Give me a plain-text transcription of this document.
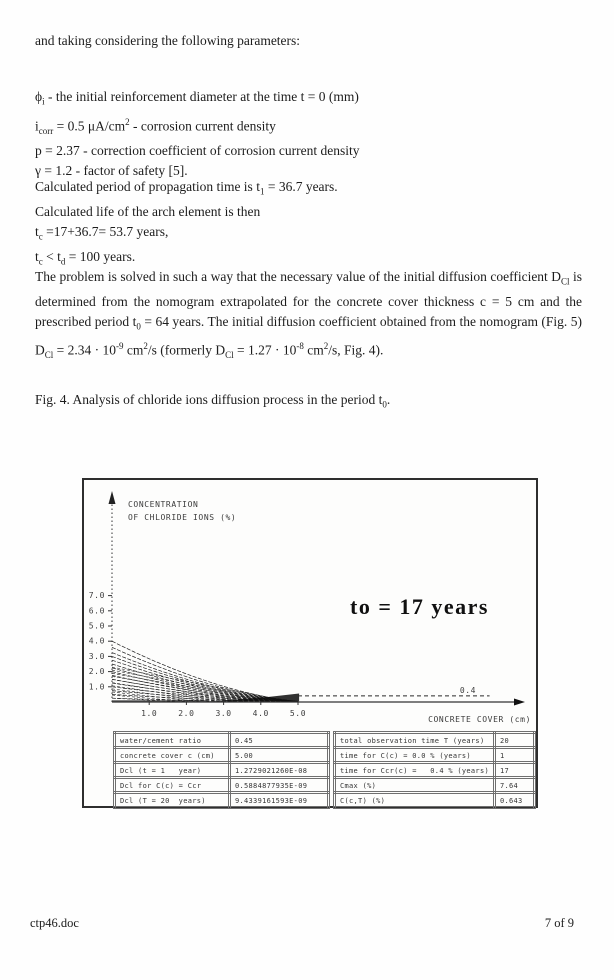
and taking considering the following parameters:
$\phi_i$ - the initial reinforcement diameter at the time t = 0 (mm)
$i_{corr} = 0.5$ $\mu A/cm^2$ - corrosion current density
p = 2.37 - correction coefficient of corrosion current density
γ = 1.2 - factor of safety [5].
Calculated period of propagation time is $t_1 = 36.7$ years.
Calculated life of the arch element is then
$t_c =17+36.7= 53.7$ years,
$t_c < t_d = 100$ years.
The problem is solved in such a way that the necessary value of the initial diffusion coefficient $D_{Cl}$ is determined from the nomogram extrapolated for the concrete cover thickness c = 5 cm and the prescribed period $t_0 = 64$ years. The initial diffusion coefficient obtained from the nomogram (Fig. 5) $D_{Cl} = 2.34 \cdot 10^{-9}$ $cm^2/s$ (formerly $D_{Cl} = 1.27 \cdot 10^{-8}$ $cm^2/s$, Fig. 4).
Fig. 4. Analysis of chloride ions diffusion process in the period $t_0$.
7.0
6.0
5.0
4.0
3.0
2.0
1.0
1.0	2.0	3.0	4.0	5.0
CONCENTRATION
OF CHLORIDE IONS (%)
CONCRETE COVER (cm)
0.4
to = 17 years
water/cement ratio	0.45
concrete cover c (cm)	5.00
Dcl (t = 1   year)	1.2729021260E-08
Dcl for C(c) = Ccr	0.5884877935E-09
Dcl (T = 20  years)	9.4339161593E-09
total observation time T (years)	20
time for C(c) = 0.0 % (years)	1
time for Ccr(c) =   0.4 % (years)	17
Cmax (%)	7.64
C(c,T) (%)	0.643
ctp46.doc	7 of 9
